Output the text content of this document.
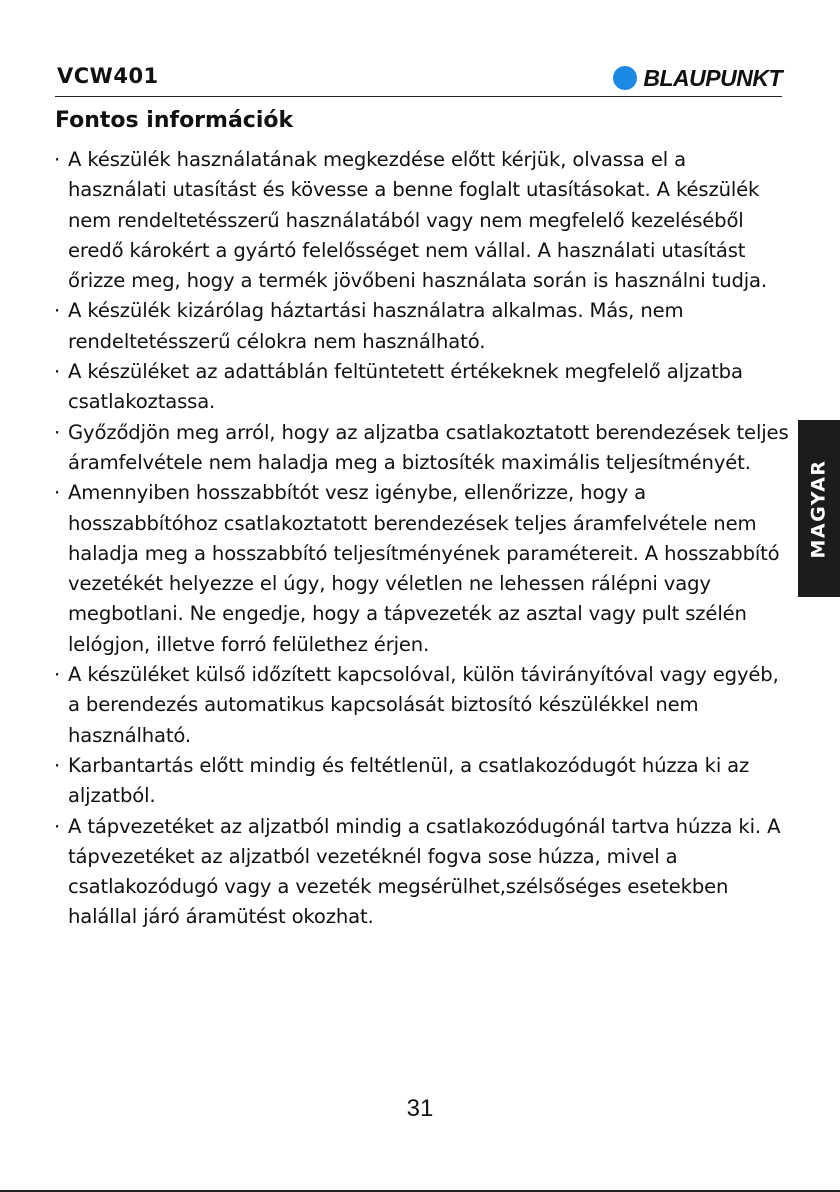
VCW401	BLAUPUNKT
Fontos információk
· A készülék használatának megkezdése előtt kérjük, olvassa el a használati utasítást és kövesse a benne foglalt utasításokat. A készülék nem rendeltetésszerű használatából vagy nem megfelelő kezeléséből eredő károkért a gyártó felelősséget nem vállal. A használati utasítást őrizze meg, hogy a termék jövőbeni használata során is használni tudja.
· A készülék kizárólag háztartási használatra alkalmas. Más, nem rendeltetésszerű célokra nem használható.
· A készüléket az adattáblán feltüntetett értékeknek megfelelő aljzatba csatlakoztassa.
· Győződjön meg arról, hogy az aljzatba csatlakoztatott berendezések teljes áramfelvétele nem haladja meg a biztosíték maximális teljesítményét.
· Amennyiben hosszabbítót vesz igénybe, ellenőrizze, hogy a hosszabbítóhoz csatlakoztatott berendezések teljes áramfelvétele nem haladja meg a hosszabbító teljesítményének paramétereit. A hosszabbító vezetékét helyezze el úgy, hogy véletlen ne lehessen rálépni vagy megbotlani. Ne engedje, hogy a tápvezeték az asztal vagy pult szélén lelógjon, illetve forró felülethez érjen.
· A készüléket külső időzített kapcsolóval, külön távirányítóval vagy egyéb, a berendezés automatikus kapcsolását biztosító készülékkel nem használható.
· Karbantartás előtt mindig és feltétlenül, a csatlakozódugót húzza ki az aljzatból.
· A tápvezetéket az aljzatból mindig a csatlakozódugónál tartva húzza ki. A tápvezetéket az aljzatból vezetéknél fogva sose húzza, mivel a csatlakozódugó vagy a vezeték megsérülhet,szélsőséges esetekben halállal járó áramütést okozhat.
MAGYAR
31
